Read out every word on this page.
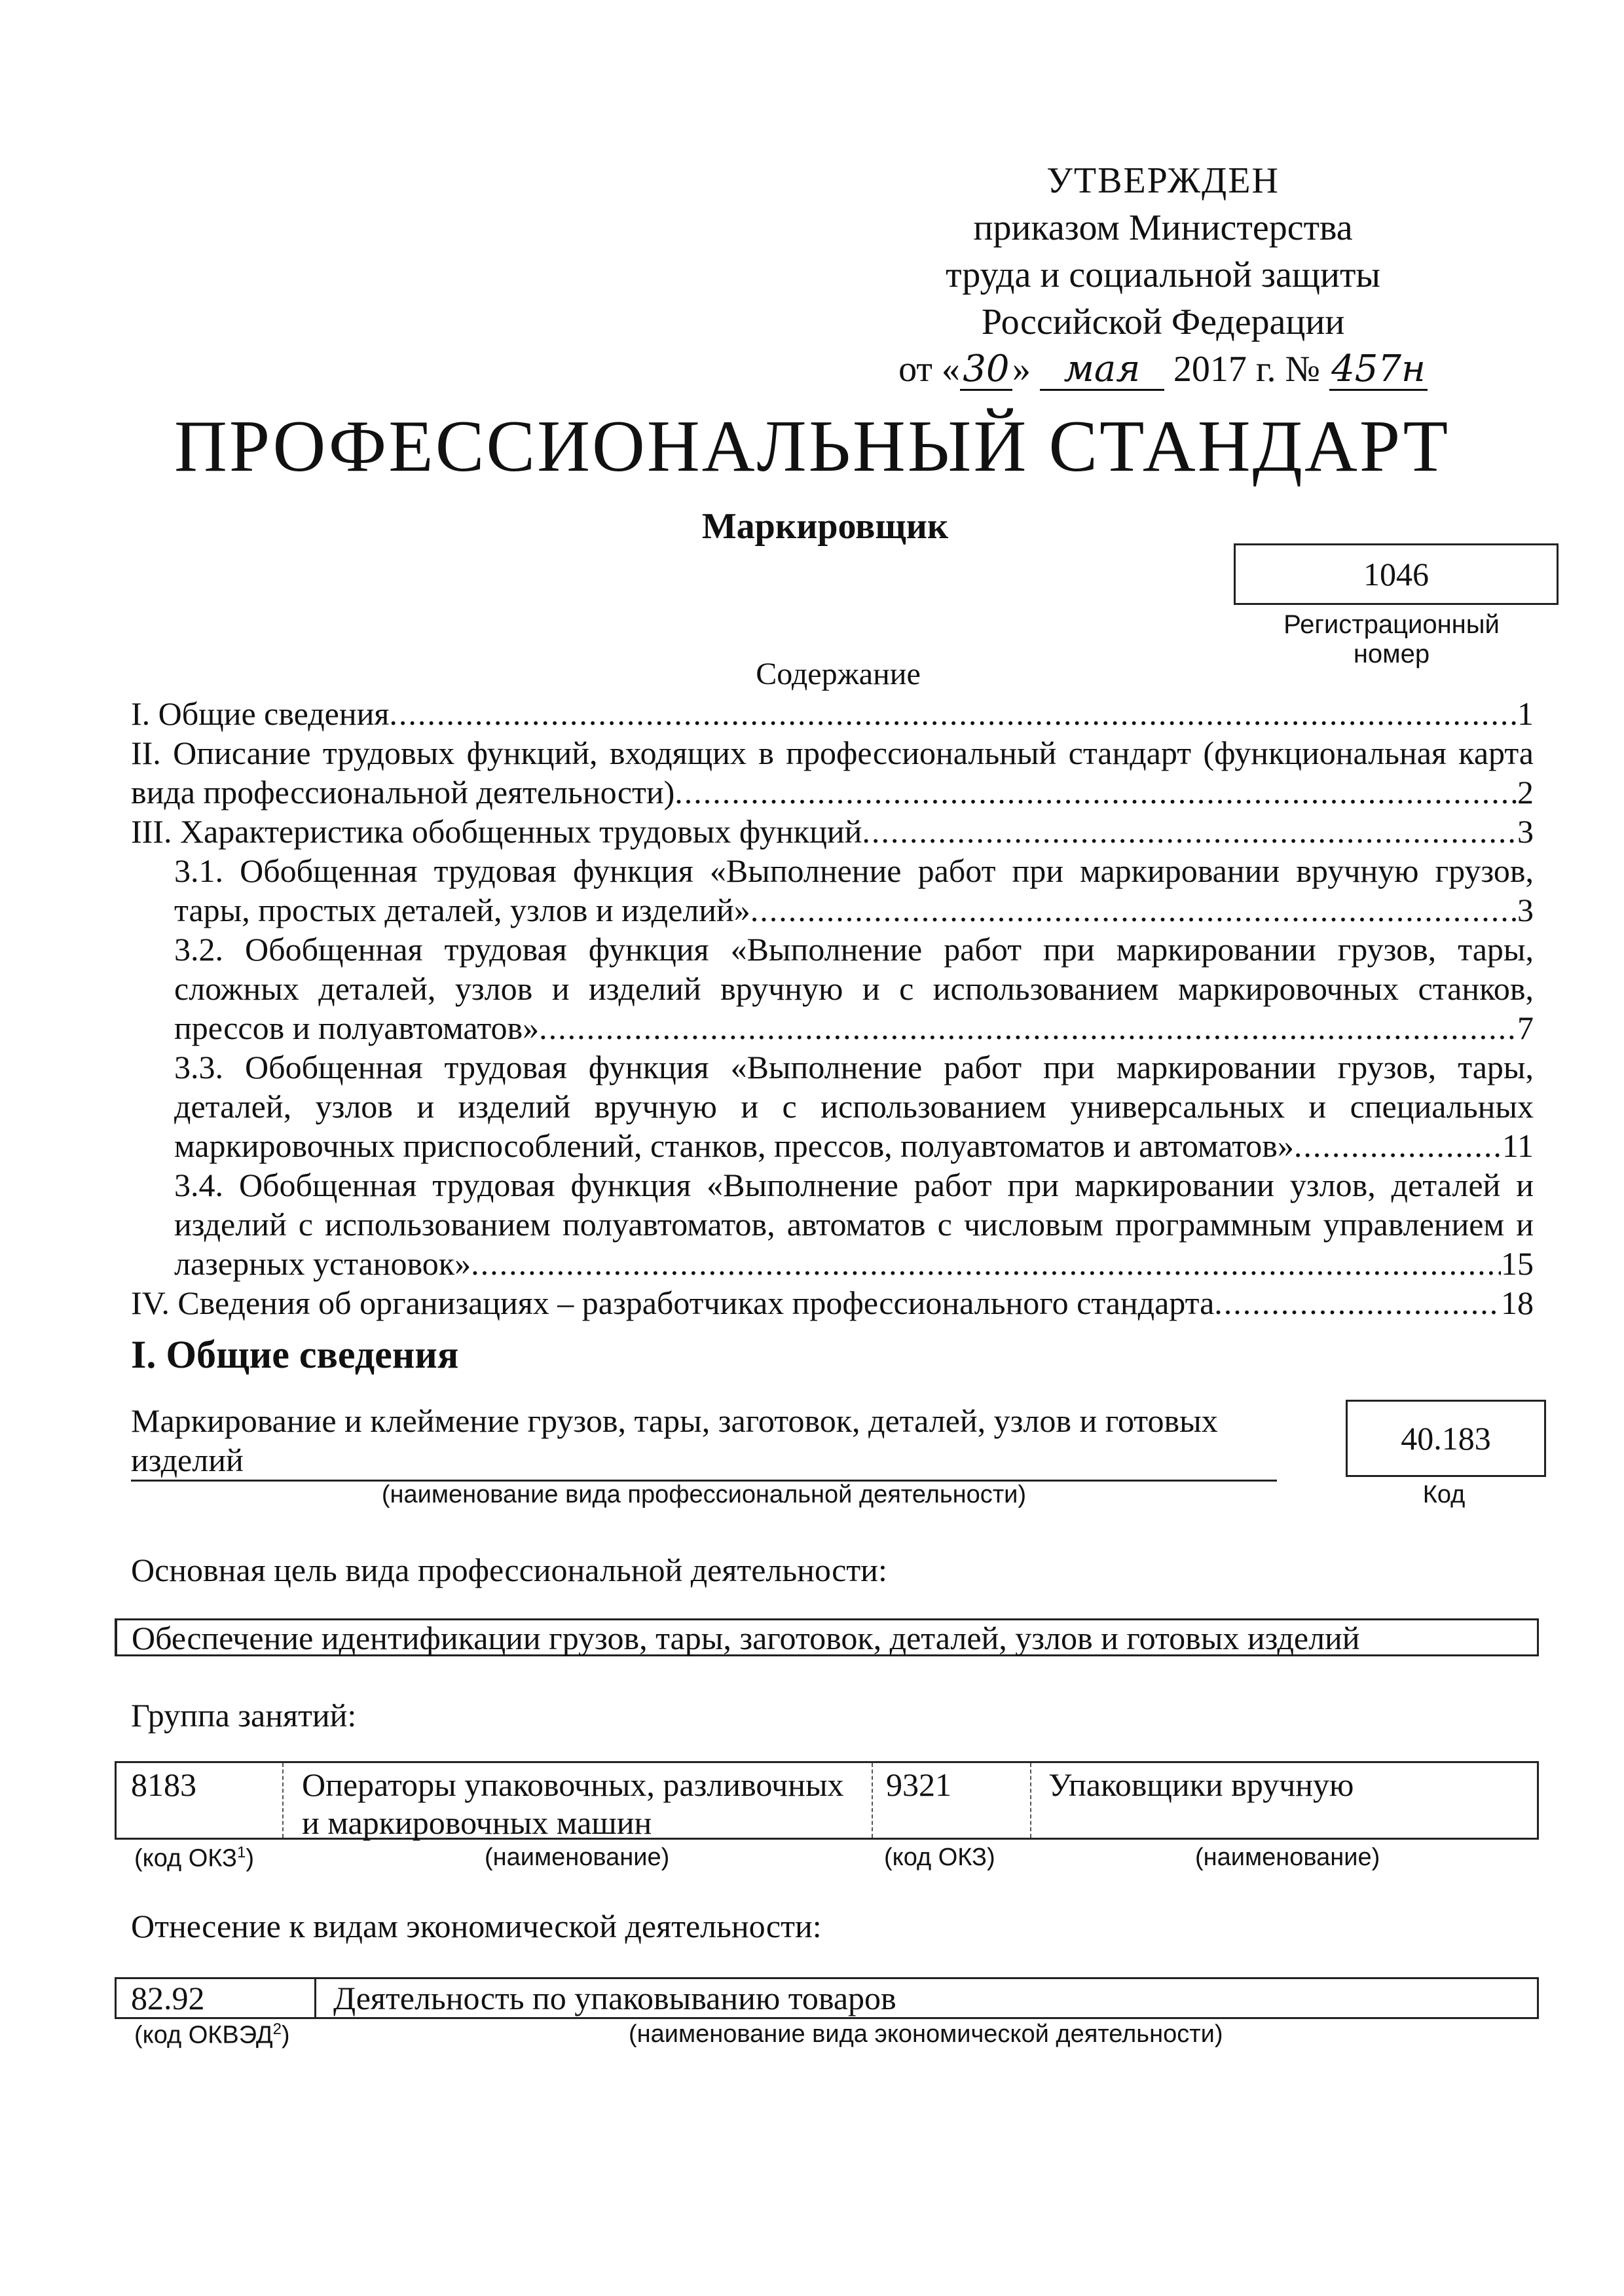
УТВЕРЖДЕН
приказом Министерства
труда и социальной защиты
Российской Федерации
от «30» мая 2017 г. № 457н
ПРОФЕССИОНАЛЬНЫЙ СТАНДАРТ
Маркировщик
1046
Регистрационный номер
Содержание
I. Общие сведения .....	1
II. Описание трудовых функций, входящих в профессиональный стандарт (функциональная карта
вида профессиональной деятельности) .....	2
III. Характеристика обобщенных трудовых функций .....	3
3.1. Обобщенная трудовая функция «Выполнение работ при маркировании вручную грузов,
тары, простых деталей, узлов и изделий» .....	3
3.2. Обобщенная трудовая функция «Выполнение работ при маркировании грузов, тары,
сложных деталей, узлов и изделий вручную и с использованием маркировочных станков,
прессов и полуавтоматов» .....	7
3.3. Обобщенная трудовая функция «Выполнение работ при маркировании грузов, тары,
деталей, узлов и изделий вручную и с использованием универсальных и специальных
маркировочных приспособлений, станков, прессов, полуавтоматов и автоматов» .....	11
3.4. Обобщенная трудовая функция «Выполнение работ при маркировании узлов, деталей и
изделий с использованием полуавтоматов, автоматов с числовым программным управлением и
лазерных установок» .....	15
IV. Сведения об организациях – разработчиках профессионального стандарта .....	18
I. Общие сведения
Маркирование и клеймение грузов, тары, заготовок, деталей, узлов и готовых
изделий
(наименование вида профессиональной деятельности)
40.183
Код
Основная цель вида профессиональной деятельности:
Обеспечение идентификации грузов, тары, заготовок, деталей, узлов и готовых изделий
Группа занятий:
8183	Операторы упаковочных, разливочных
и маркировочных машин
9321	Упаковщики вручную
(код ОКЗ$^1$)	(наименование)	(код ОКЗ)	(наименование)
Отнесение к видам экономической деятельности:
82.92	Деятельность по упаковыванию товаров
(код ОКВЭД$^2$)	(наименование вида экономической деятельности)
